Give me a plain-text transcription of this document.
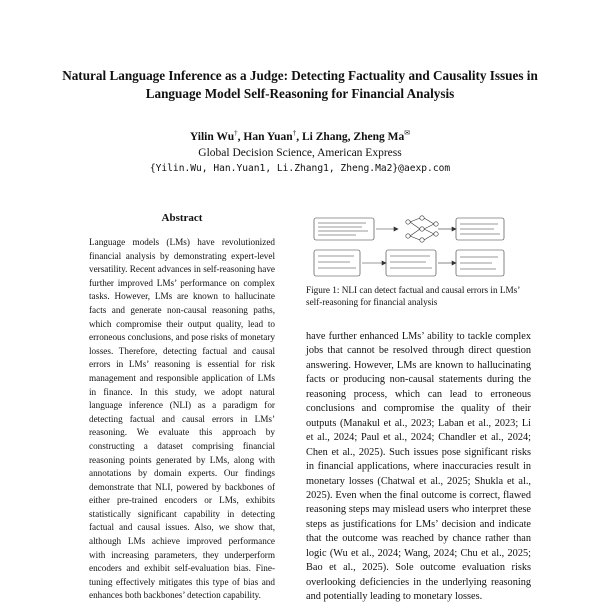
Natural Language Inference as a Judge: Detecting Factuality and Causality Issues in Language Model Self-Reasoning for Financial Analysis
Yilin Wu†, Han Yuan†, Li Zhang, Zheng Ma✉
Global Decision Science, American Express
{Yilin.Wu, Han.Yuan1, Li.Zhang1, Zheng.Ma2}@aexp.com
Abstract

Language models (LMs) have revolutionized financial analysis by demonstrating expert-level versatility. Recent advances in self-reasoning have further improved LMs’ performance on complex tasks. However, LMs are known to hallucinate facts and generate non-causal reasoning paths, which compromise their output quality, lead to erroneous conclusions, and pose risks of monetary losses. Therefore, detecting factual and causal errors in LMs’ reasoning is essential for risk management and responsible application of LMs in finance. In this study, we adopt natural language inference (NLI) as a paradigm for detecting factual and causal errors in LMs’ reasoning. We evaluate this approach by constructing a dataset comprising financial reasoning points generated by LMs, along with annotations by domain experts. Our findings demonstrate that NLI, powered by backbones of either pre-trained encoders or LMs, exhibits statistically significant capability in detecting factual and causal issues. Also, we show that, although LMs achieve improved performance with increasing parameters, they underperform encoders and exhibit self-evaluation bias. Fine-tuning effectively mitigates this type of bias and enhances both backbones’ detection capability.

Figure 1: NLI can detect factual and causal errors in LMs’ self-reasoning for financial analysis

have further enhanced LMs’ ability to tackle complex jobs that cannot be resolved through direct question answering. However, LMs are known to hallucinating facts or producing non-causal statements during the reasoning process, which can lead to erroneous conclusions and compromise the quality of their outputs (Manakul et al., 2023; Laban et al., 2023; Li et al., 2024; Paul et al., 2024; Chandler et al., 2024; Chen et al., 2025). Such issues pose significant risks in financial applications, where inaccuracies result in monetary losses (Chatwal et al., 2025; Shukla et al., 2025). Even when the final outcome is correct, flawed reasoning steps may mislead users who interpret these steps as justifications for LMs’ decision and indicate that the outcome was reached by chance rather than logic (Wu et al., 2024; Wang, 2024; Chu et al., 2025; Bao et al., 2025). Sole outcome evaluation risks overlooking deficiencies in the underlying reasoning and potentially leading to monetary losses.
